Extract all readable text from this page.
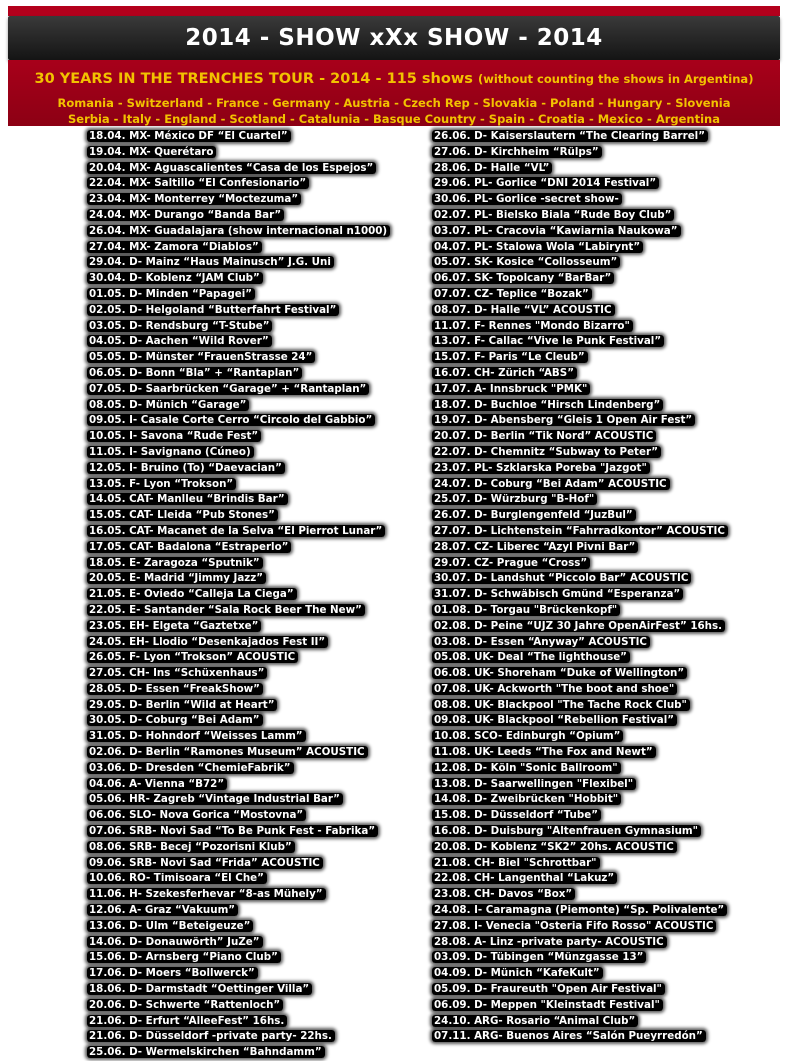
2014 - SHOW xXx SHOW - 2014
30 YEARS IN THE TRENCHES TOUR - 2014 - 115 shows (without counting the shows in Argentina)
Romania - Switzerland - France - Germany - Austria - Czech Rep - Slovakia - Poland - Hungary - Slovenia
Serbia - Italy - England - Scotland - Catalunia - Basque Country - Spain - Croatia - Mexico - Argentina
18.04. MX- México DF “El Cuartel”
19.04. MX- Querétaro
20.04. MX- Aguascalientes “Casa de los Espejos”
22.04. MX- Saltillo “El Confesionario”
23.04. MX- Monterrey “Moctezuma”
24.04. MX- Durango “Banda Bar”
26.04. MX- Guadalajara (show internacional n1000)
27.04. MX- Zamora “Diablos”
29.04. D- Mainz “Haus Mainusch” J.G. Uni
30.04. D- Koblenz “JAM Club”
01.05. D- Minden “Papagei”
02.05. D- Helgoland “Butterfahrt Festival”
03.05. D- Rendsburg “T-Stube”
04.05. D- Aachen “Wild Rover”
05.05. D- Münster “FrauenStrasse 24”
06.05. D- Bonn “Bla” + “Rantaplan”
07.05. D- Saarbrücken “Garage” + “Rantaplan”
08.05. D- Münich “Garage”
09.05. I- Casale Corte Cerro “Circolo del Gabbio”
10.05. I- Savona “Rude Fest”
11.05. I- Savignano (Cúneo)
12.05. I- Bruino (To) “Daevacian”
13.05. F- Lyon “Trokson”
14.05. CAT- Manlleu “Brindis Bar”
15.05. CAT- Lleida “Pub Stones”
16.05. CAT- Macanet de la Selva “El Pierrot Lunar”
17.05. CAT- Badalona “Estraperlo”
18.05. E- Zaragoza “Sputnik”
20.05. E- Madrid “Jimmy Jazz”
21.05. E- Oviedo “Calleja La Ciega”
22.05. E- Santander “Sala Rock Beer The New”
23.05. EH- Elgeta “Gaztetxe”
24.05. EH- Llodio “Desenkajados Fest II”
26.05. F- Lyon “Trokson” ACOUSTIC
27.05. CH- Ins “Schüxenhaus”
28.05. D- Essen “FreakShow”
29.05. D- Berlin “Wild at Heart”
30.05. D- Coburg “Bei Adam”
31.05. D- Hohndorf “Weisses Lamm”
02.06. D- Berlin “Ramones Museum” ACOUSTIC
03.06. D- Dresden “ChemieFabrik”
04.06. A- Vienna “B72”
05.06. HR- Zagreb “Vintage Industrial Bar”
06.06. SLO- Nova Gorica “Mostovna”
07.06. SRB- Novi Sad “To Be Punk Fest - Fabrika”
08.06. SRB- Becej “Pozorisni Klub”
09.06. SRB- Novi Sad “Frida” ACOUSTIC
10.06. RO- Timisoara “El Che”
11.06. H- Szekesferhevar “8-as Mühely”
12.06. A- Graz “Vakuum”
13.06. D- Ulm “Beteigeuze”
14.06. D- Donauwörth” JuZe”
15.06. D- Arnsberg “Piano Club”
17.06. D- Moers “Bollwerck”
18.06. D- Darmstadt “Oettinger Villa”
20.06. D- Schwerte “Rattenloch”
21.06. D- Erfurt “AlleeFest” 16hs.
21.06. D- Düsseldorf -private party- 22hs.
25.06. D- Wermelskirchen “Bahndamm”
26.06. D- Kaiserslautern “The Clearing Barrel”
27.06. D- Kirchheim “Rülps”
28.06. D- Halle “VL”
29.06. PL- Gorlice “DNI 2014 Festival”
30.06. PL- Gorlice -secret show-
02.07. PL- Bielsko Biala “Rude Boy Club”
03.07. PL- Cracovia “Kawiarnia Naukowa”
04.07. PL- Stalowa Wola “Labirynt”
05.07. SK- Kosice “Collosseum”
06.07. SK- Topolcany “BarBar”
07.07. CZ- Teplice “Bozak”
08.07. D- Halle “VL” ACOUSTIC
11.07. F- Rennes "Mondo Bizarro"
13.07. F- Callac “Vive le Punk Festival”
15.07. F- Paris “Le Cleub”
16.07. CH- Zürich “ABS”
17.07. A- Innsbruck "PMK"
18.07. D- Buchloe “Hirsch Lindenberg”
19.07. D- Abensberg “Gleis 1 Open Air Fest”
20.07. D- Berlin “Tik Nord” ACOUSTIC
22.07. D- Chemnitz “Subway to Peter”
23.07. PL- Szklarska Poreba "Jazgot"
24.07. D- Coburg “Bei Adam” ACOUSTIC
25.07. D- Würzburg "B-Hof"
26.07. D- Burglengenfeld “JuzBul”
27.07. D- Lichtenstein “Fahrradkontor” ACOUSTIC
28.07. CZ- Liberec “Azyl Pivni Bar”
29.07. CZ- Prague “Cross”
30.07. D- Landshut “Piccolo Bar” ACOUSTIC
31.07. D- Schwäbisch Gmünd “Esperanza”
01.08. D- Torgau "Brückenkopf"
02.08. D- Peine “UJZ 30 Jahre OpenAirFest” 16hs.
03.08. D- Essen “Anyway” ACOUSTIC
05.08. UK- Deal “The lighthouse”
06.08. UK- Shoreham “Duke of Wellington”
07.08. UK- Ackworth "The boot and shoe"
08.08. UK- Blackpool "The Tache Rock Club"
09.08. UK- Blackpool “Rebellion Festival”
10.08. SCO- Edinburgh “Opium”
11.08. UK- Leeds “The Fox and Newt”
12.08. D- Köln "Sonic Ballroom"
13.08. D- Saarwellingen "Flexibel"
14.08. D- Zweibrücken "Hobbit"
15.08. D- Düsseldorf “Tube”
16.08. D- Duisburg "Altenfrauen Gymnasium"
20.08. D- Koblenz “SK2” 20hs. ACOUSTIC
21.08. CH- Biel "Schrottbar"
22.08. CH- Langenthal “Lakuz”
23.08. CH- Davos “Box”
24.08. I- Caramagna (Piemonte) “Sp. Polivalente”
27.08. I- Venecia "Osteria Fifo Rosso" ACOUSTIC
28.08. A- Linz -private party- ACOUSTIC
03.09. D- Tübingen “Münzgasse 13”
04.09. D- Münich “KafeKult”
05.09. D- Fraureuth "Open Air Festival"
06.09. D- Meppen "Kleinstadt Festival"
24.10. ARG- Rosario “Animal Club”
07.11. ARG- Buenos Aires “Salón Pueyrredón”
